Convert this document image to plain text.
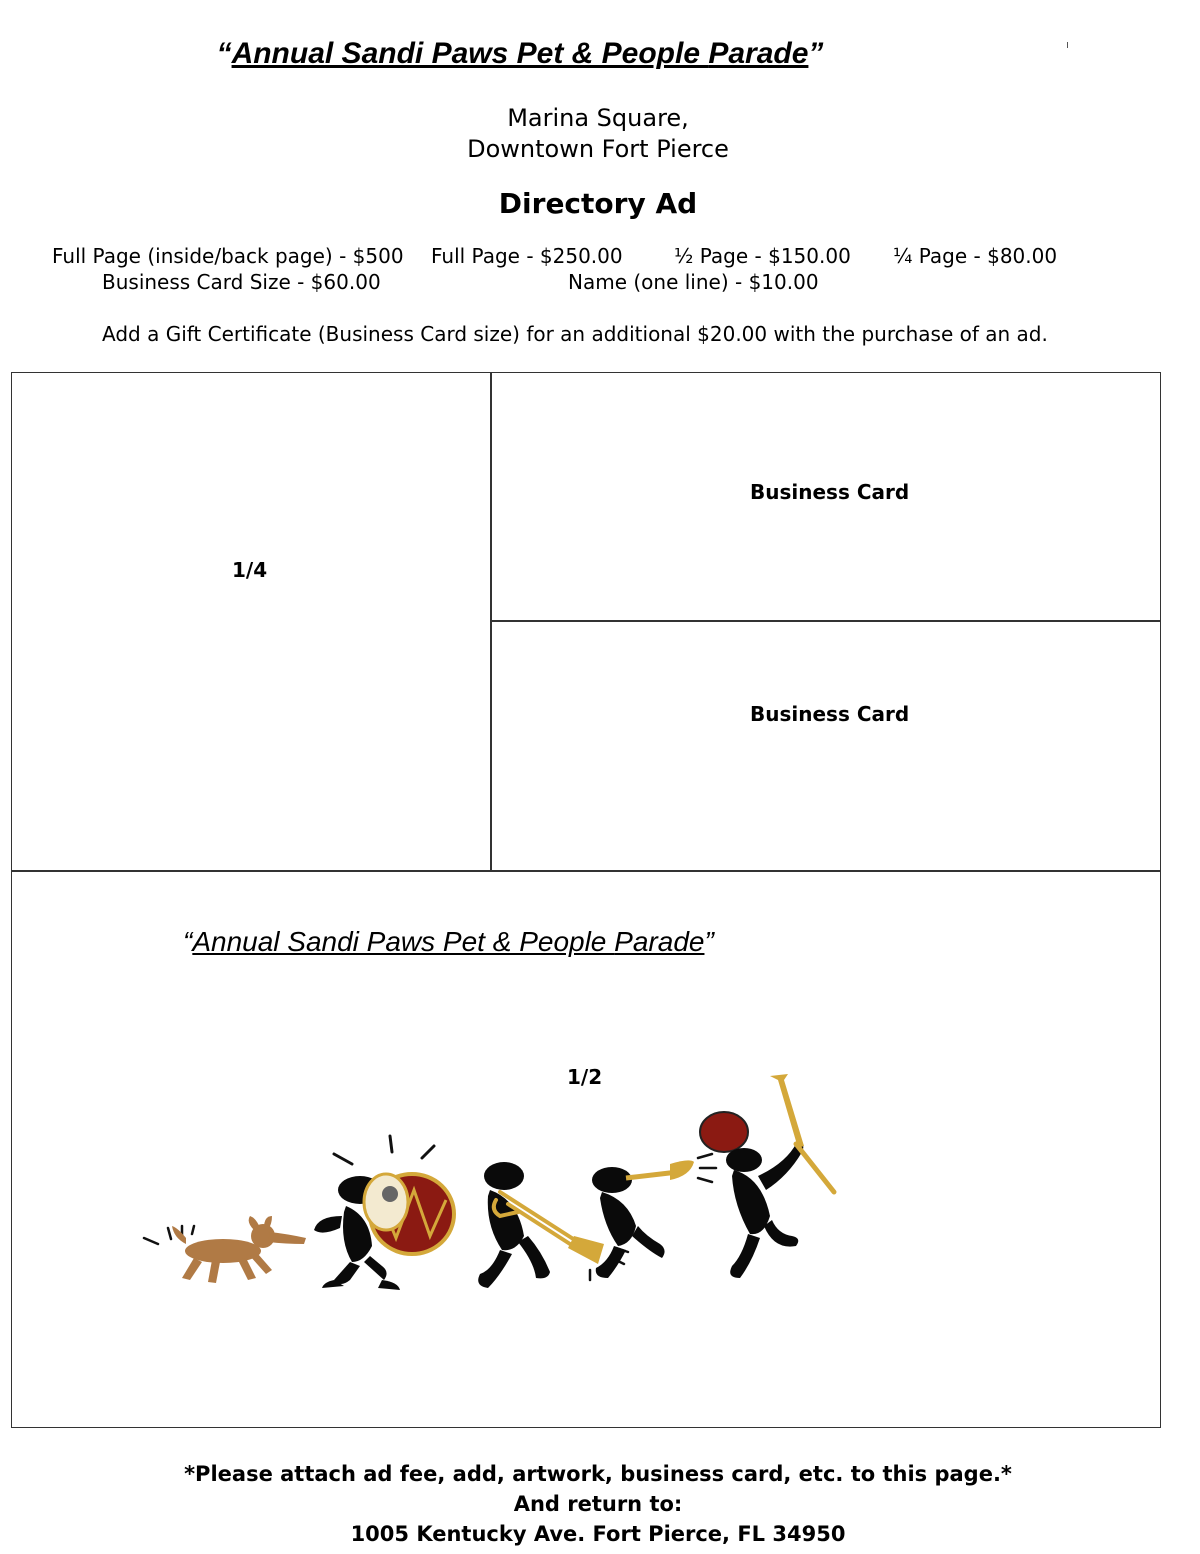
“Annual Sandi Paws Pet & People Parade”
Marina Square,
Downtown Fort Pierce
Directory Ad
Full Page (inside/back page) - $500 Full Page - $250.00	½ Page - $150.00 ¼ Page - $80.00
Business Card Size - $60.00	Name (one line) - $10.00
Add a Gift Certificate (Business Card size) for an additional $20.00 with the purchase of an ad.
1/4
Business Card
Business Card
“Annual Sandi Paws Pet & People Parade”
1/2
*Please attach ad fee, add, artwork, business card, etc. to this page.*
And return to:
1005 Kentucky Ave. Fort Pierce, FL 34950
